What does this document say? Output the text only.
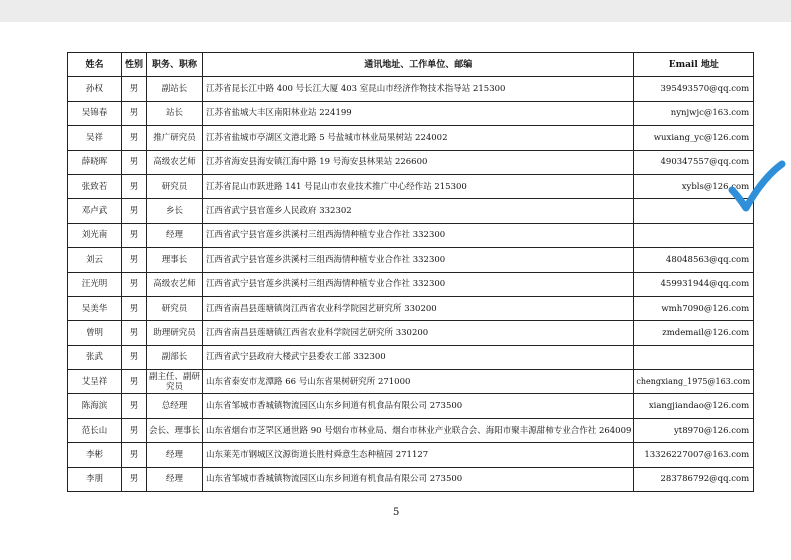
姓名	性别	职务、职称	通讯地址、工作单位、邮编	Email 地址
孙权	男	副站长	江苏省昆长江中路 400 号长江大厦 403 室昆山市经济作物技术指导站 215300	395493570@qq.com
吴锦春	男	站长	江苏省盐城大丰区南阳林业站 224199	nynjwjc@163.com
吴祥	男	推广研究员	江苏省盐城市亭湖区文港北路 5 号盐城市林业局果树站 224002	wuxiang_yc@126.com
薛晓晖	男	高级农艺师	江苏省海安县海安镇江海中路 19 号海安县林果站 226600	490347557@qq.com
张致若	男	研究员	江苏省昆山市跃进路 141 号昆山市农业技术推广中心经作站 215300	xybls@126.com
邓卢武	男	乡长	江西省武宁县官莲乡人民政府 332302	
刘光南	男	经理	江西省武宁县官莲乡洪溪村三组西海情种植专业合作社 332300	
刘云	男	理事长	江西省武宁县官莲乡洪溪村三组西海情种植专业合作社 332300	48048563@qq.com
汪光明	男	高级农艺师	江西省武宁县官莲乡洪溪村三组西海情种植专业合作社 332300	459931944@qq.com
吴美华	男	研究员	江西省南昌县莲塘镇岗江西省农业科学院园艺研究所 330200	wmh7090@126.com
曾明	男	助理研究员	江西省南昌县莲塘镇江西省农业科学院园艺研究所 330200	zmdemail@126.com
张武	男	副部长	江西省武宁县政府大楼武宁县委农工部 332300	
艾呈祥	男	副主任、副研究员	山东省泰安市龙潭路 66 号山东省果树研究所 271000	chengxiang_1975@163.com
陈海滨	男	总经理	山东省邹城市香城镇物流园区山东乡间道有机食品有限公司 273500	xiangjiandao@126.com
范长山	男	会长、理事长	山东省烟台市芝罘区通世路 90 号烟台市林业局、烟台市林业产业联合会、海阳市聚丰源甜柿专业合作社 264009	yt8970@126.com
李彬	男	经理	山东莱芜市钢城区汶源街道长胜村舜意生态种植园 271127	13326227007@163.com
李朋	男	经理	山东省邹城市香城镇物流园区山东乡间道有机食品有限公司 273500	283786792@qq.com
5
